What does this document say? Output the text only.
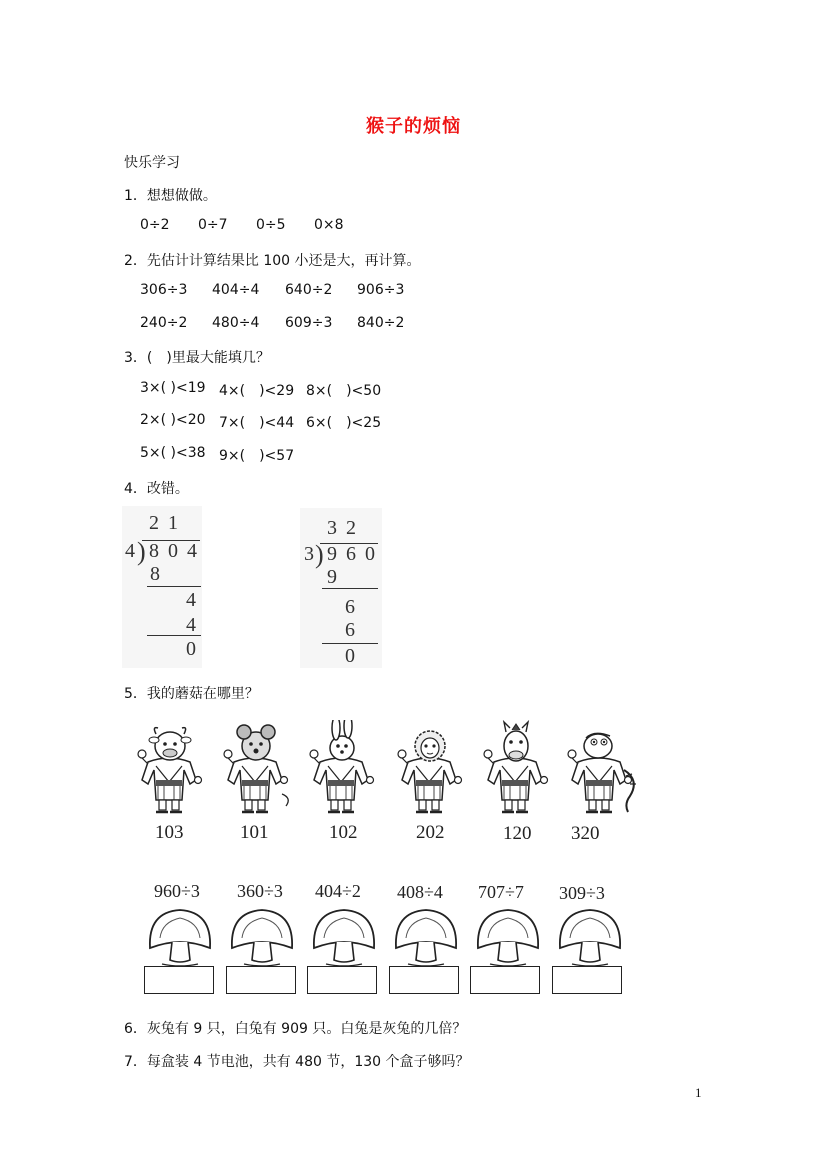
猴子的烦恼
快乐学习
1．想想做做。
0÷2 0÷7 0÷5 0×8
2．先估计计算结果比 100 小还是大，再计算。
306÷3 404÷4 640÷2 906÷3
240÷2 480÷4 609÷3 840÷2
3．(　)里最大能填几？
3×( )<19 4×(　)<29 8×(　)<50
2×( )<20 7×(　)<44 6×(　)<25
5×( )<38 9×(　)<57
4．改错。
2 1
4 ) 8 0 4
8
4
4
0
3 2
3 ) 9 6 0
9
6
6
0
5．我的蘑菇在哪里？
103	101	102	202	120 320
960÷3 360÷3 404÷2 408÷4 707÷7 309÷3
6．灰兔有 9 只，白兔有 909 只。白兔是灰兔的几倍？
7．每盒装 4 节电池，共有 480 节，130 个盒子够吗？
1
